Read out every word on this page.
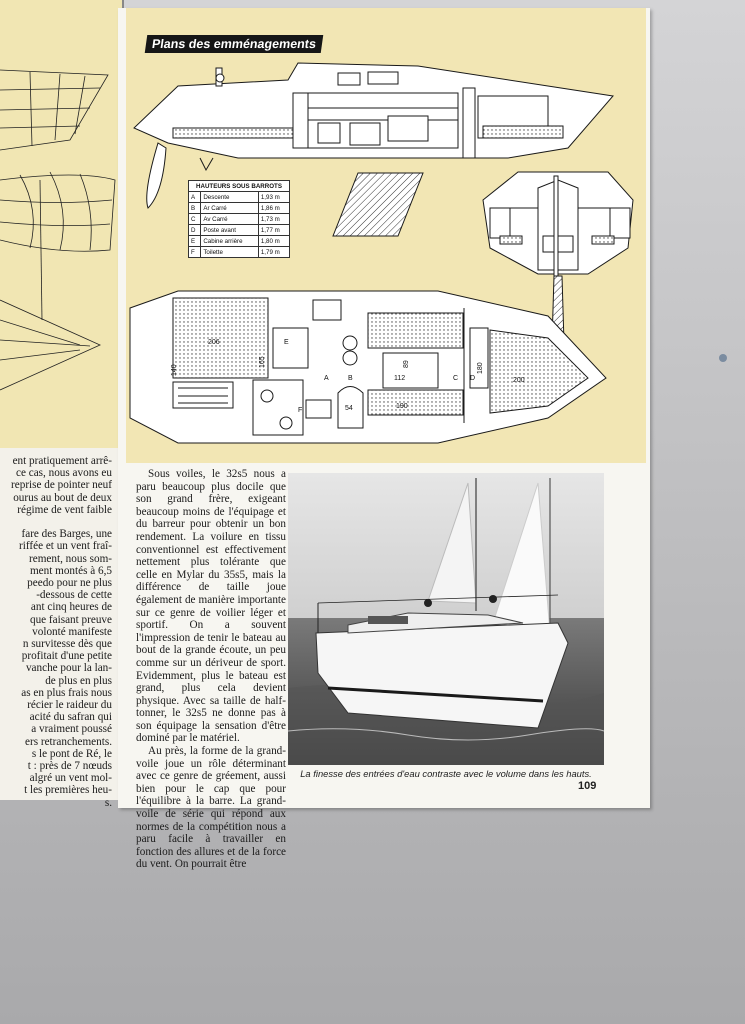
ent pratiquement arrê-
ce cas, nous avons eu
reprise de pointer neuf
ourus au bout de deux
régime de vent faible

fare des Barges, une
riffée et un vent fraî-
rement, nous som-
ment montés à 6,5
peedo pour ne plus
-dessous de cette
ant cinq heures de
que faisant preuve
volonté manifeste
n survitesse dès que
profitait d'une petite
vanche pour la lan-
de plus en plus
as en plus frais nous
récier le raideur du
acité du safran qui
a vraiment poussé
ers retranchements.
s le pont de Ré, le
t : près de 7 nœuds
algré un vent mol-
t les premières heu-
s.
Plans des emménagements
206
140
165
112
89
190
200
180
54
A	B	C D
E
F
HAUTEURS SOUS BARROTS		
A	Descente	1,93 m
B	Ar Carré	1,86 m
C	Av Carré	1,73 m
D	Poste avant	1,77 m
E	Cabine arrière	1,80 m
F	Toilette	1,79 m

Sous voiles, le 32s5 nous a paru beaucoup plus docile que son grand frère, exigeant beaucoup moins de l'équipage et du barreur pour obtenir un bon rendement. La voilure en tissu conventionnel est effectivement nettement plus tolérante que celle en Mylar du 35s5, mais la différence de taille joue également de manière importante sur ce genre de voilier léger et sportif. On a souvent l'impression de tenir le bateau au bout de la grande écoute, un peu comme sur un dériveur de sport. Evidemment, plus le bateau est grand, plus cela devient physique. Avec sa taille de half-tonner, le 32s5 ne donne pas à son équipage la sensation d'être dominé par le matériel.

Au près, la forme de la grand-voile joue un rôle déterminant avec ce genre de gréement, aussi bien pour le cap que pour l'équilibre à la barre. La grand-voile de série qui répond aux normes de la compétition nous a paru facile à travailler en fonction des allures et de la force du vent. On pourrait être

La finesse des entrées d'eau contraste avec le volume dans les hauts.
109
